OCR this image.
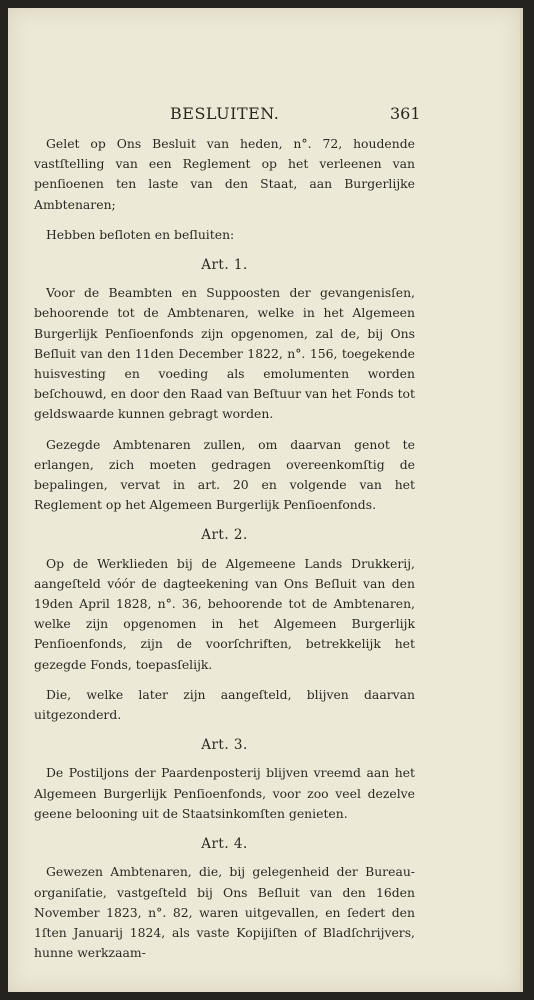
BESLUITEN.	361

Gelet op Ons Besluit van heden, n°. 72, houdende vastſtelling van een Reglement op het verleenen van penſioenen ten laste van den Staat, aan Burgerlijke Ambtenaren;

Hebben beſloten en beſluiten:

Art. 1.

Voor de Beambten en Suppoosten der gevangenisſen, behoorende tot de Ambtenaren, welke in het Algemeen Burgerlijk Penſioenfonds zijn opgenomen, zal de, bij Ons Beſluit van den 11den December 1822, n°. 156, toegekende huisvesting en voeding als emolumenten worden beſchouwd, en door den Raad van Beſtuur van het Fonds tot geldswaarde kunnen gebragt worden.

Gezegde Ambtenaren zullen, om daarvan genot te erlangen, zich moeten gedragen overeenkomſtig de bepalingen, vervat in art. 20 en volgende van het Reglement op het Algemeen Burgerlijk Penſioenfonds.

Art. 2.

Op de Werklieden bij de Algemeene Lands Drukkerij, aangeſteld vóór de dagteekening van Ons Beſluit van den 19den April 1828, n°. 36, behoorende tot de Ambtenaren, welke zijn opgenomen in het Algemeen Burgerlijk Penſioenfonds, zijn de voorſchriften, betrekkelijk het gezegde Fonds, toepasſelijk.

Die, welke later zijn aangeſteld, blijven daarvan uitgezonderd.

Art. 3.

De Postiljons der Paardenposterij blijven vreemd aan het Algemeen Burgerlijk Penſioenfonds, voor zoo veel dezelve geene belooning uit de Staatsinkomſten genieten.

Art. 4.

Gewezen Ambtenaren, die, bij gelegenheid der Bureau-organiſatie, vastgeſteld bij Ons Beſluit van den 16den November 1823, n°. 82, waren uitgevallen, en ſedert den 1ſten Januarij 1824, als vaste Kopijiſten of Bladſchrijvers, hunne werkzaam-
